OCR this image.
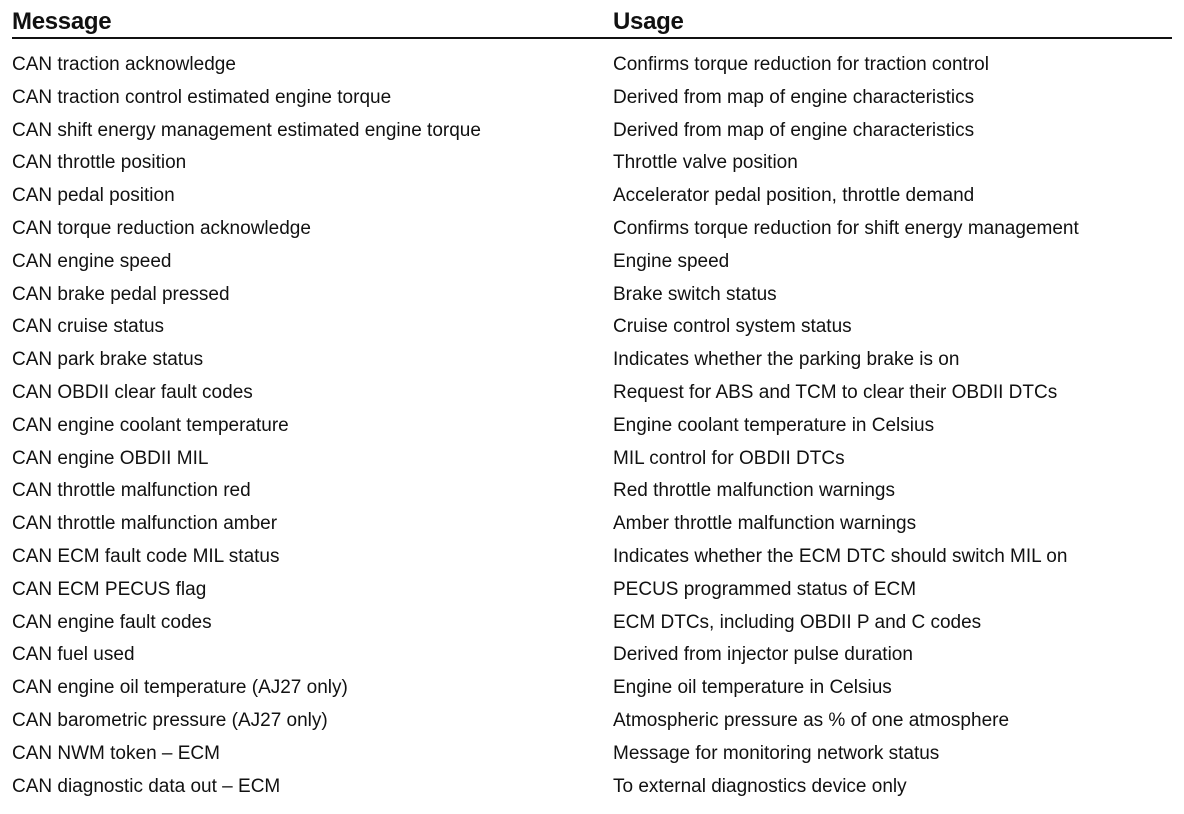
Message	Usage
CAN traction acknowledge	Confirms torque reduction for traction control
CAN traction control estimated engine torque	Derived from map of engine characteristics
CAN shift energy management estimated engine torque	Derived from map of engine characteristics
CAN throttle position	Throttle valve position
CAN pedal position	Accelerator pedal position, throttle demand
CAN torque reduction acknowledge	Confirms torque reduction for shift energy management
CAN engine speed	Engine speed
CAN brake pedal pressed	Brake switch status
CAN cruise status	Cruise control system status
CAN park brake status	Indicates whether the parking brake is on
CAN OBDII clear fault codes	Request for ABS and TCM to clear their OBDII DTCs
CAN engine coolant temperature	Engine coolant temperature in Celsius
CAN engine OBDII MIL	MIL control for OBDII DTCs
CAN throttle malfunction red	Red throttle malfunction warnings
CAN throttle malfunction amber	Amber throttle malfunction warnings
CAN ECM fault code MIL status	Indicates whether the ECM DTC should switch MIL on
CAN ECM PECUS flag	PECUS programmed status of ECM
CAN engine fault codes	ECM DTCs, including OBDII P and C codes
CAN fuel used	Derived from injector pulse duration
CAN engine oil temperature (AJ27 only)	Engine oil temperature in Celsius
CAN barometric pressure (AJ27 only)	Atmospheric pressure as % of one atmosphere
CAN NWM token – ECM	Message for monitoring network status
CAN diagnostic data out – ECM	To external diagnostics device only
